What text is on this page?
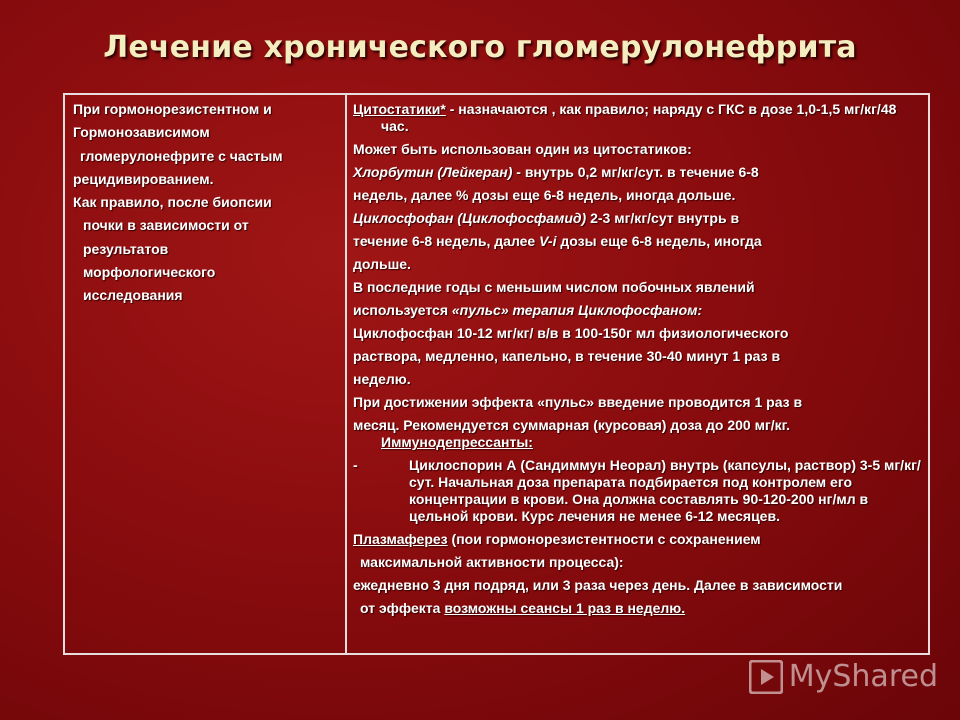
Лечение хронического гломерулонефрита
При гормонорезистентном и
Гормонозависимом
гломерулонефрите с частым
рецидивированием.
Как правило, после биопсии
почки в зависимости от
результатов
морфологического
исследования
Цитостатики* - назначаются , как правило; наряду с ГКС в дозе 1,0-1,5 мг/кг/48 час.
Может быть использован один из цитостатиков:
Хлорбутин (Лейкеран) - внутрь 0,2 мг/кг/сут. в течение 6-8
недель, далее % дозы еще 6-8 недель, иногда дольше.
Циклосфофан (Циклофосфамид) 2-3 мг/кг/сут внутрь в
течение 6-8 недель, далее V-i дозы еще 6-8 недель, иногда
дольше.
В последние годы с меньшим числом побочных явлений
используется «пульс» терапия Циклофосфаном:
Циклофосфан 10-12 мг/кг/ в/в в 100-150г мл физиологического
раствора, медленно, капельно, в течение 30-40 минут 1 раз в
неделю.
При достижении эффекта «пульс» введение проводится 1 раз в
месяц. Рекомендуется суммарная (курсовая) доза до 200 мг/кг. Иммунодепрессанты:
-	Циклоспорин А (Сандиммун Неорал) внутрь (капсулы, раствор) 3-5 мг/кг/сут. Начальная доза препарата подбирается под контролем его концентрации в крови. Она должна составлять 90-120-200 нг/мл в цельной крови. Курс лечения не менее 6-12 месяцев.
Плазмаферез (пои гормонорезистентности с сохранением
максимальной активности процесса):
ежедневно 3 дня подряд, или 3 раза через день. Далее в зависимости
от эффекта возможны сеансы 1 раз в неделю.
MyShared
